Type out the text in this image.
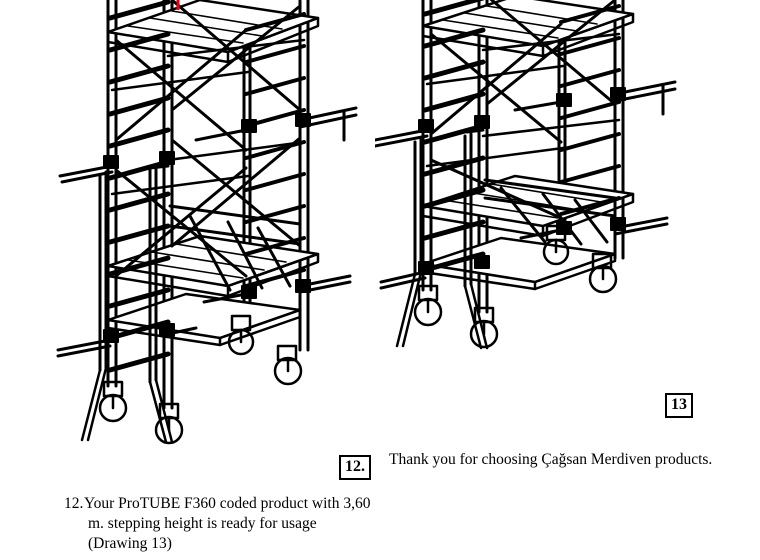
12.
13
12. Your ProTUBE F360 coded product with 3,60 m. stepping height is ready for usage (Drawing 13)
Thank you for choosing Çağsan Merdiven products.
